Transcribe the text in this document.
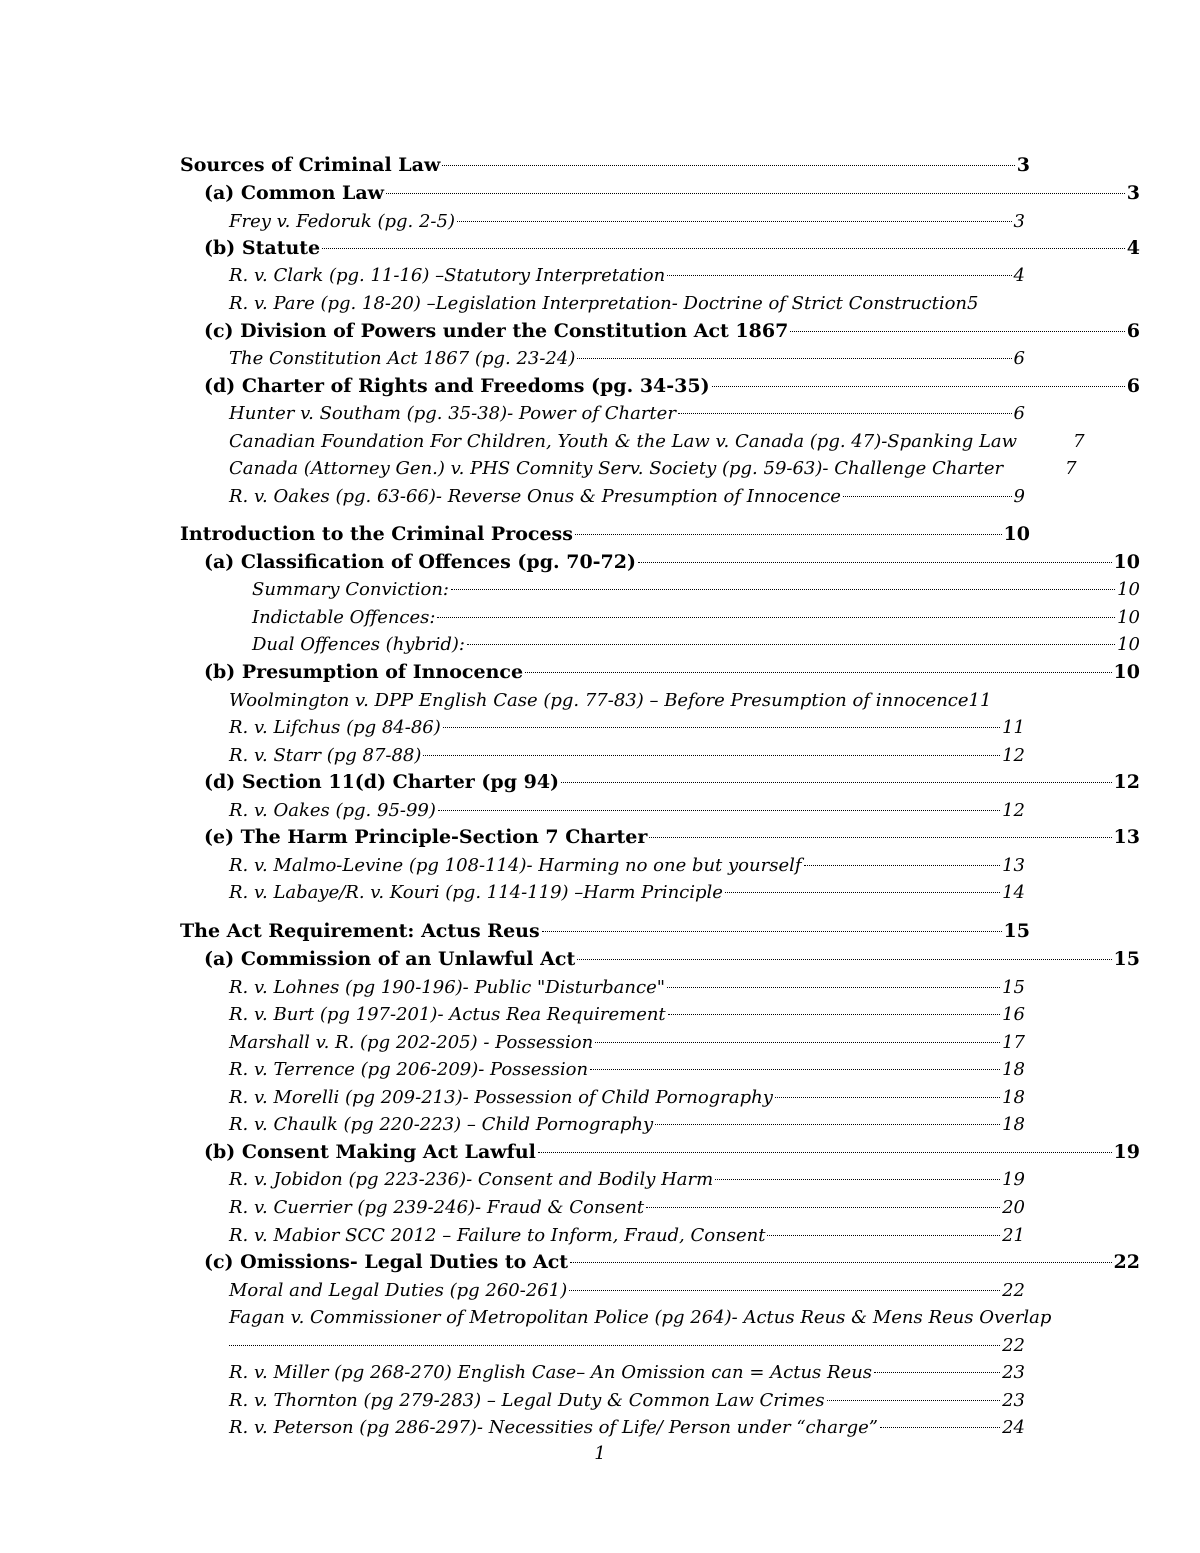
Sources of Criminal Law	3
(a) Common Law	3
Frey v. Fedoruk (pg. 2-5)	3
(b) Statute	4
R. v. Clark (pg. 11-16) –Statutory Interpretation	4
R. v. Pare (pg. 18-20) –Legislation Interpretation- Doctrine of Strict Construction 5
(c) Division of Powers under the Constitution Act 1867	6
The Constitution Act 1867 (pg. 23-24)	6
(d) Charter of Rights and Freedoms (pg. 34-35)	6
Hunter v. Southam (pg. 35-38)- Power of Charter	6
Canadian Foundation For Children, Youth & the Law v. Canada (pg. 47)-Spanking Law	7
Canada (Attorney Gen.) v. PHS Comnity Serv. Society (pg. 59-63)- Challenge Charter	7
R. v. Oakes (pg. 63-66)- Reverse Onus & Presumption of Innocence	9
Introduction to the Criminal Process	10
(a) Classification of Offences (pg. 70-72)	10
Summary Conviction:	10
Indictable Offences:	10
Dual Offences (hybrid):	10
(b) Presumption of Innocence	10
Woolmington v. DPP English Case (pg. 77-83) – Before Presumption of innocence 11
R. v. Lifchus (pg 84-86)	11
R. v. Starr (pg 87-88)	12
(d) Section 11(d) Charter (pg 94)	12
R. v. Oakes (pg. 95-99)	12
(e) The Harm Principle-Section 7 Charter	13
R. v. Malmo-Levine (pg 108-114)- Harming no one but yourself	13
R. v. Labaye/R. v. Kouri (pg. 114-119) –Harm Principle	14
The Act Requirement: Actus Reus	15
(a) Commission of an Unlawful Act	15
R. v. Lohnes (pg 190-196)- Public "Disturbance"	15
R. v. Burt (pg 197-201)- Actus Rea Requirement	16
Marshall v. R. (pg 202-205) - Possession	17
R. v. Terrence (pg 206-209)- Possession	18
R. v. Morelli (pg 209-213)- Possession of Child Pornography	18
R. v. Chaulk (pg 220-223) – Child Pornography	18
(b) Consent Making Act Lawful	19
R. v. Jobidon (pg 223-236)- Consent and Bodily Harm	19
R. v. Cuerrier (pg 239-246)- Fraud & Consent	20
R. v. Mabior SCC 2012 – Failure to Inform, Fraud, Consent	21
(c) Omissions- Legal Duties to Act	22
Moral and Legal Duties (pg 260-261)	22
Fagan v. Commissioner of Metropolitan Police (pg 264)- Actus Reus & Mens Reus Overlap
22
R. v. Miller (pg 268-270) English Case– An Omission can = Actus Reus	23
R. v. Thornton (pg 279-283) – Legal Duty & Common Law Crimes	23
R. v. Peterson (pg 286-297)- Necessities of Life/ Person under “charge”	24
1
